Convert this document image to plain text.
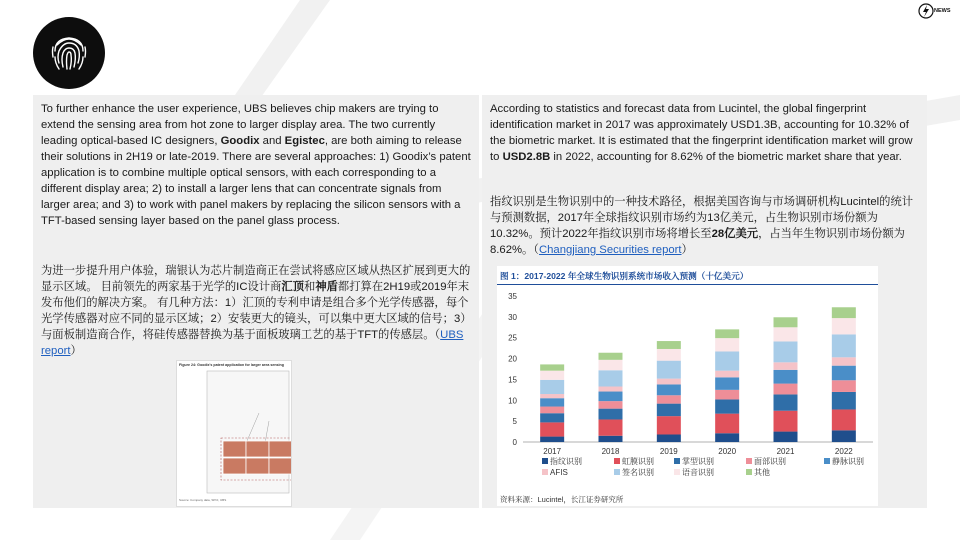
NEWS

To further enhance the user experience, UBS believes chip makers are trying to extend the sensing area from hot zone to larger display area. The two currently leading optical-based IC designers, Goodix and Egistec, are both aiming to release their solutions in 2H19 or late-2019. There are several approaches: 1) Goodix’s patent application is to combine multiple optical sensors, with each corresponding to a different display area; 2) to install a larger lens that can concentrate signals from larger area; and 3) to work with panel makers by replacing the silicon sensors with a TFT-based sensing layer based on the panel glass process.

为进一步提升用户体验，瑞银认为芯片制造商正在尝试将感应区域从热区扩展到更大的显示区域。 目前领先的两家基于光学的IC设计商汇顶和神盾都打算在2H19或2019年末发布他们的解决方案。 有几种方法：1）汇顶的专利申请是组合多个光学传感器，每个光学传感器对应不同的显示区域；2）安装更大的镜头，可以集中更大区域的信号；3）与面板制造商合作，将硅传感器替换为基于面板玻璃工艺的基于TFT的传感层。（UBS report）

Figure 24: Goodix's patent application for larger area sensing
Source: Company data, SPCI, UBS

According to statistics and forecast data from Lucintel, the global fingerprint identification market in 2017 was approximately USD1.3B, accounting for 10.32% of the biometric market. It is estimated that the fingerprint identification market will grow to USD2.8B in 2022, accounting for 8.62% of the biometric market share that year.

指纹识别是生物识别中的一种技术路径，根据美国咨询与市场调研机构Lucintel的统计与预测数据，2017年全球指纹识别市场约为13亿美元，占生物识别市场份额为10.32%。预计2022年指纹识别市场将增长至28亿美元，占当年生物识别市场份额为8.62%。（Changjiang Securities report）

图 1：2017-2022 年全球生物识别系统市场收入预测（十亿美元）
0
5
10
15
20
25
30
35
2017	2018	2019	2020	2021	2022
指纹识别	虹膜识别	掌型识别	面部识别	静脉识别
AFIS	签名识别	语音识别	其他
资料来源：Lucintel，长江证券研究所
